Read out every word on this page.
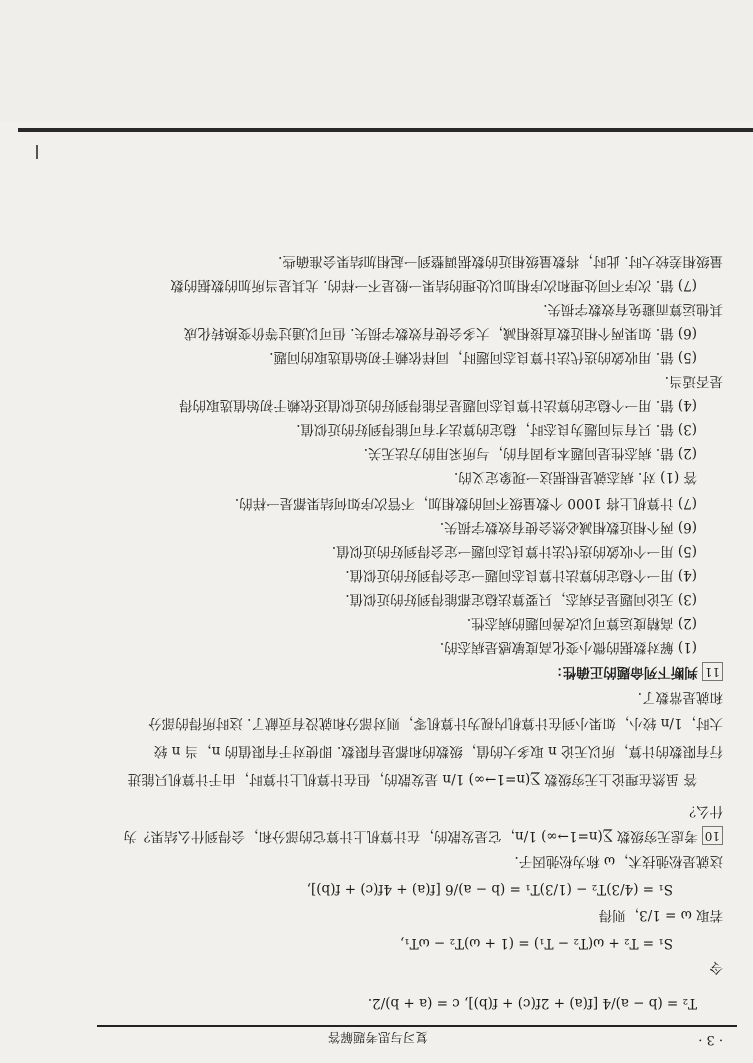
复习与思考题解答	· 3 ·
T₂ = (b − a)/4 [f(a) + 2f(c) + f(b)], c = (a + b)/2.
令
S₁ = T₂ + ω(T₂ − T₁) = (1 + ω)T₂ − ωT₁,
若取 ω = 1/3，则得
S₁ = (4/3)T₂ − (1/3)T₁ = (b − a)/6 [f(a) + 4f(c) + f(b)],
这就是松弛技术，ω 称为松弛因子.
10考虑无穷级数 ∑(n=1→∞) 1/n，它是发散的，在计算机上计算它的部分和，会得到什么结果？为
什么？
答 虽然在理论上无穷级数 ∑(n=1→∞) 1/n 是发散的，但在计算机上计算时，由于计算机只能进
行有限数的计算，所以无论 n 取多大的值，级数的和都是有限数. 即使对于有限值的 n，当 n 较
大时，1/n 较小，如果小到在计算机内视为计算机零，则对部分和就没有贡献了. 这时所得的部分
和就是常数了.
11判断下列命题的正确性：
(1) 解对数据的微小变化高度敏感是病态的.
(2) 高精度运算可以改善问题的病态性.
(3) 无论问题是否病态，只要算法稳定都能得到好的近似值.
(4) 用一个稳定的算法计算良态问题一定会得到好的近似值.
(5) 用一个收敛的迭代法计算良态问题一定会得到好的近似值.
(6) 两个相近数相减必然会使有效数字损失.
(7) 计算机上将 1000 个数量级不同的数相加，不管次序如何结果都是一样的.
答 (1) 对. 病态就是根据这一现象定义的.
(2) 错. 病态性是问题本身固有的，与所采用的方法无关.
(3) 错. 只有当问题为良态时，稳定的算法才有可能得到好的近似值.
(4) 错. 用一个稳定的算法计算良态问题是否能得到好的近似值还依赖于初始值选取的得
是否适当.
(5) 错. 用收敛的迭代法计算良态问题时，同样依赖于初始值选取的问题.
(6) 错. 如果两个相近数直接相减，大多会使有效数字损失. 但可以通过等价变换转化成
其他运算而避免有效数字损失.
(7) 错. 次序不同处理和次序相加以处理的结果一般是不一样的. 尤其是当所加的数据的数
量级相差较大时. 此时，将数量级相近的数据调整到一起相加结果会准确些.
